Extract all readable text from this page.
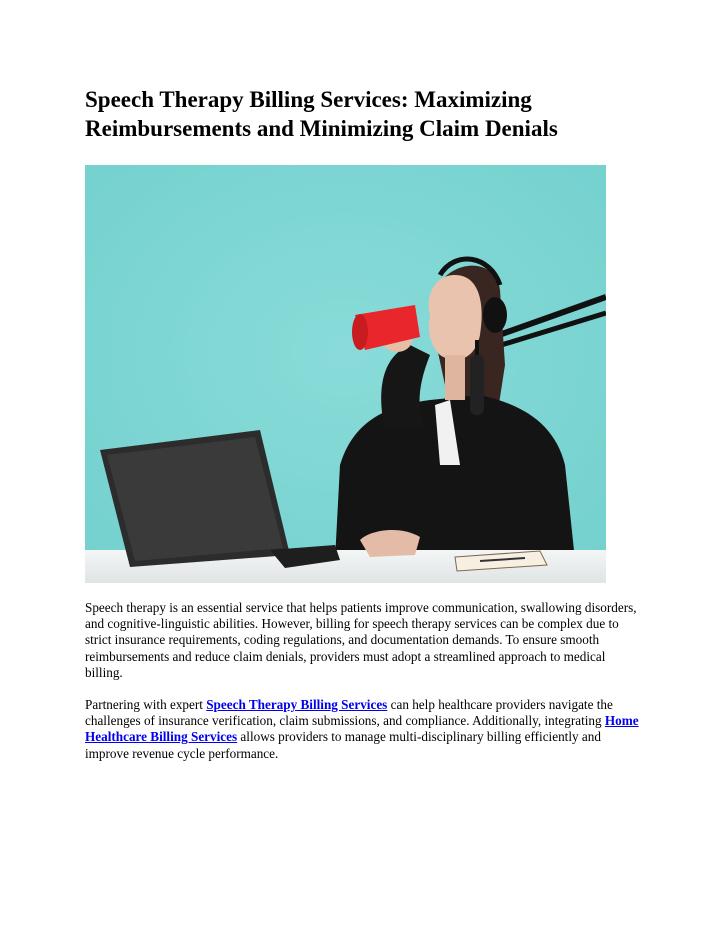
Speech Therapy Billing Services: Maximizing Reimbursements and Minimizing Claim Denials

Speech therapy is an essential service that helps patients improve communication, swallowing disorders, and cognitive-linguistic abilities. However, billing for speech therapy services can be complex due to strict insurance requirements, coding regulations, and documentation demands. To ensure smooth reimbursements and reduce claim denials, providers must adopt a streamlined approach to medical billing.

Partnering with expert Speech Therapy Billing Services can help healthcare providers navigate the challenges of insurance verification, claim submissions, and compliance. Additionally, integrating Home Healthcare Billing Services allows providers to manage multi-disciplinary billing efficiently and improve revenue cycle performance.
